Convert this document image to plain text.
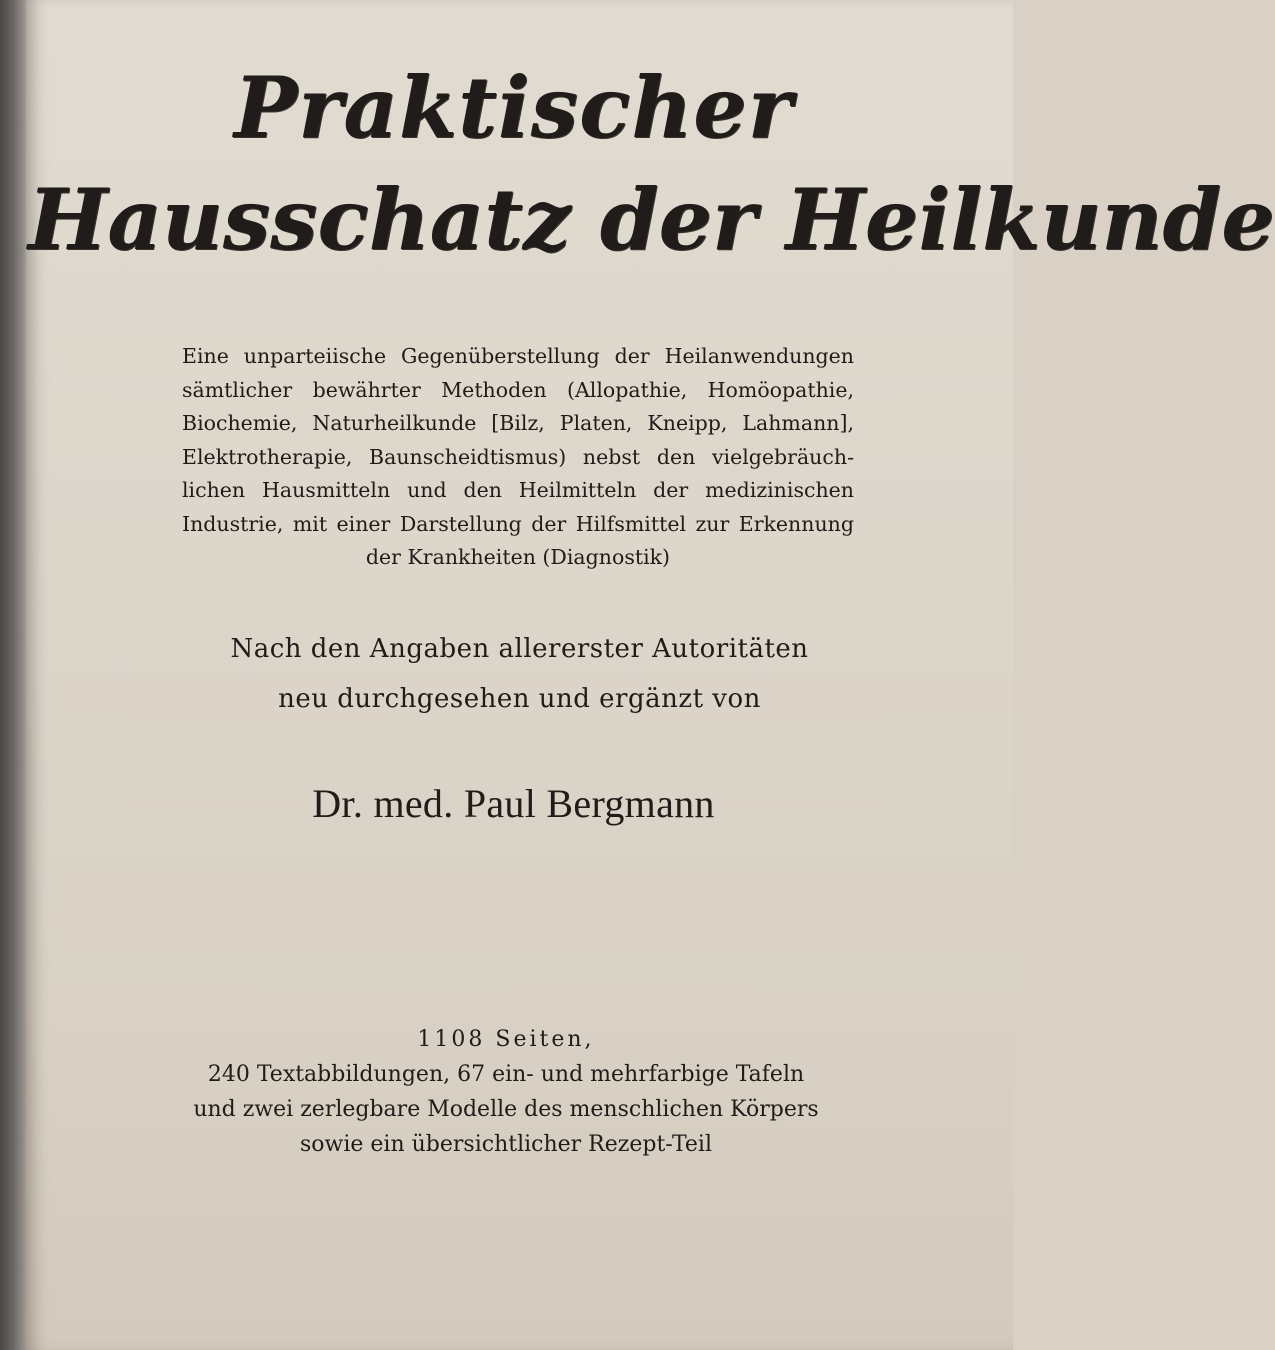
Praktischer
Hausschatz der Heilkunde
Eine unparteiische Gegenüberstellung der Heilanwendungen
sämtlicher bewährter Methoden (Allopathie, Homöopathie,
Biochemie, Naturheilkunde [Bilz, Platen, Kneipp, Lahmann],
Elektrotherapie, Baunscheidtismus) nebst den vielgebräuch-
lichen Hausmitteln und den Heilmitteln der medizinischen
Industrie, mit einer Darstellung der Hilfsmittel zur Erkennung
der Krankheiten (Diagnostik)
Nach den Angaben allererster Autoritäten
neu durchgesehen und ergänzt von
Dr. med. Paul Bergmann
1108 Seiten,
240 Textabbildungen, 67 ein- und mehrfarbige Tafeln
und zwei zerlegbare Modelle des menschlichen Körpers
sowie ein übersichtlicher Rezept-Teil
